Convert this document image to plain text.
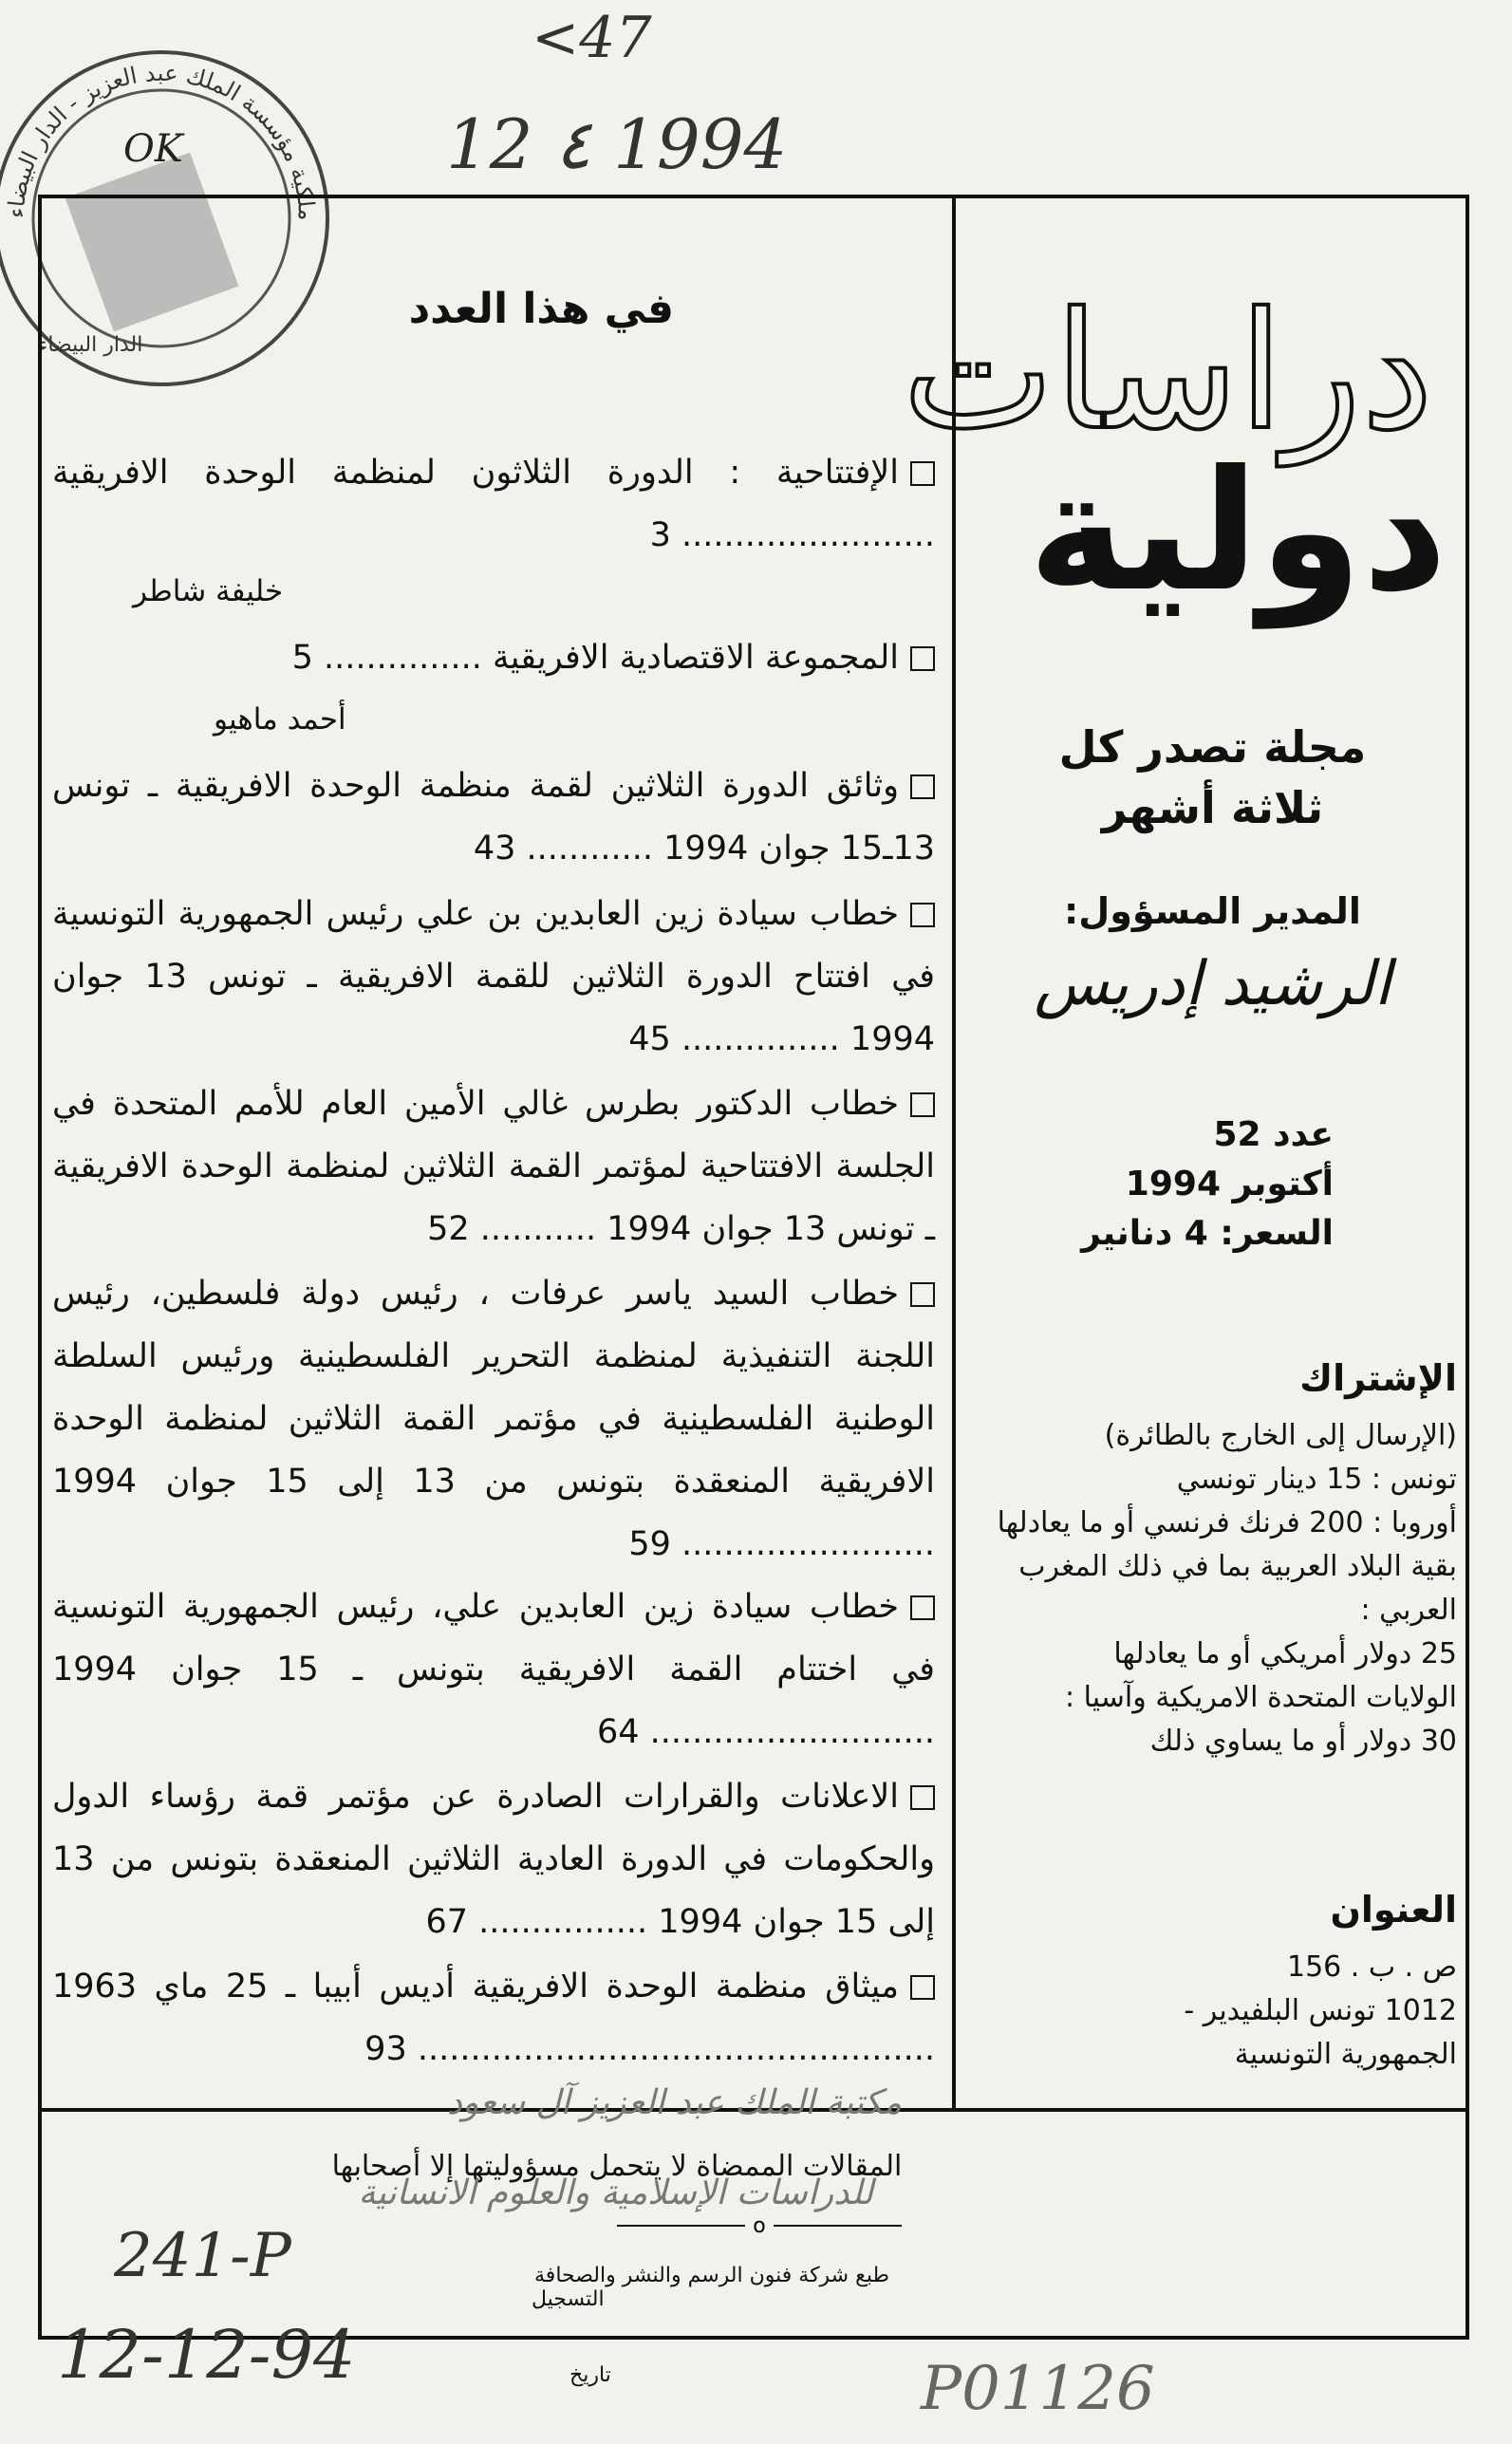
<47
12 ٤ 1994
ملكية مؤسسة الملك عبد العزيز - الدار البيضاء
الدار البيضاء
OK
دراسات
دولية
مجلة تصدر كل
ثلاثة أشهر
المدير المسؤول:
الرشيد إدريس
عدد 52
أكتوبر 1994
السعر: 4 دنانير
الإشتراك
(الإرسال إلى الخارج بالطائرة)
تونس : 15 دينار تونسي
أوروبا : 200 فرنك فرنسي أو ما يعادلها
بقية البلاد العربية بما في ذلك المغرب العربي :
25 دولار أمريكي أو ما يعادلها
الولايات المتحدة الامريكية وآسيا :
30 دولار أو ما يساوي ذلك
العنوان
ص . ب . 156
1012 تونس البلفيدير -
الجمهورية التونسية
في هذا العدد
الإفتتاحية : الدورة الثلاثون لمنظمة الوحدة الافريقية ........................ 3
خليفة شاطر
المجموعة الاقتصادية الافريقية ............... 5
أحمد ماهيو
وثائق الدورة الثلاثين لقمة منظمة الوحدة الافريقية ـ تونس 13ـ15 جوان 1994 ............ 43
خطاب سيادة زين العابدين بن علي رئيس الجمهورية التونسية في افتتاح الدورة الثلاثين للقمة الافريقية ـ تونس 13 جوان 1994 ............... 45
خطاب الدكتور بطرس غالي الأمين العام للأمم المتحدة في الجلسة الافتتاحية لمؤتمر القمة الثلاثين لمنظمة الوحدة الافريقية ـ تونس 13 جوان 1994 ........... 52
خطاب السيد ياسر عرفات ، رئيس دولة فلسطين، رئيس اللجنة التنفيذية لمنظمة التحرير الفلسطينية ورئيس السلطة الوطنية الفلسطينية في مؤتمر القمة الثلاثين لمنظمة الوحدة الافريقية المنعقدة بتونس من 13 إلى 15 جوان 1994 ........................ 59
خطاب سيادة زين العابدين علي، رئيس الجمهورية التونسية في اختتام القمة الافريقية بتونس ـ 15 جوان 1994 ........................... 64
الاعلانات والقرارات الصادرة عن مؤتمر قمة رؤساء الدول والحكومات في الدورة العادية الثلاثين المنعقدة بتونس من 13 إلى 15 جوان 1994 ................ 67
ميثاق منظمة الوحدة الافريقية أديس أبيبا ـ 25 ماي 1963 ................................................. 93
المقالات الممضاة لا يتحمل مسؤوليتها إلا أصحابها
o
طبع شركة فنون الرسم والنشر والصحافة
مكتبة الملك عبد العزيز آل سعود
للدراسات الإسلامية والعلوم الانسانية
241-P
التسجيل
12-12-94	تاريخ	P01126
